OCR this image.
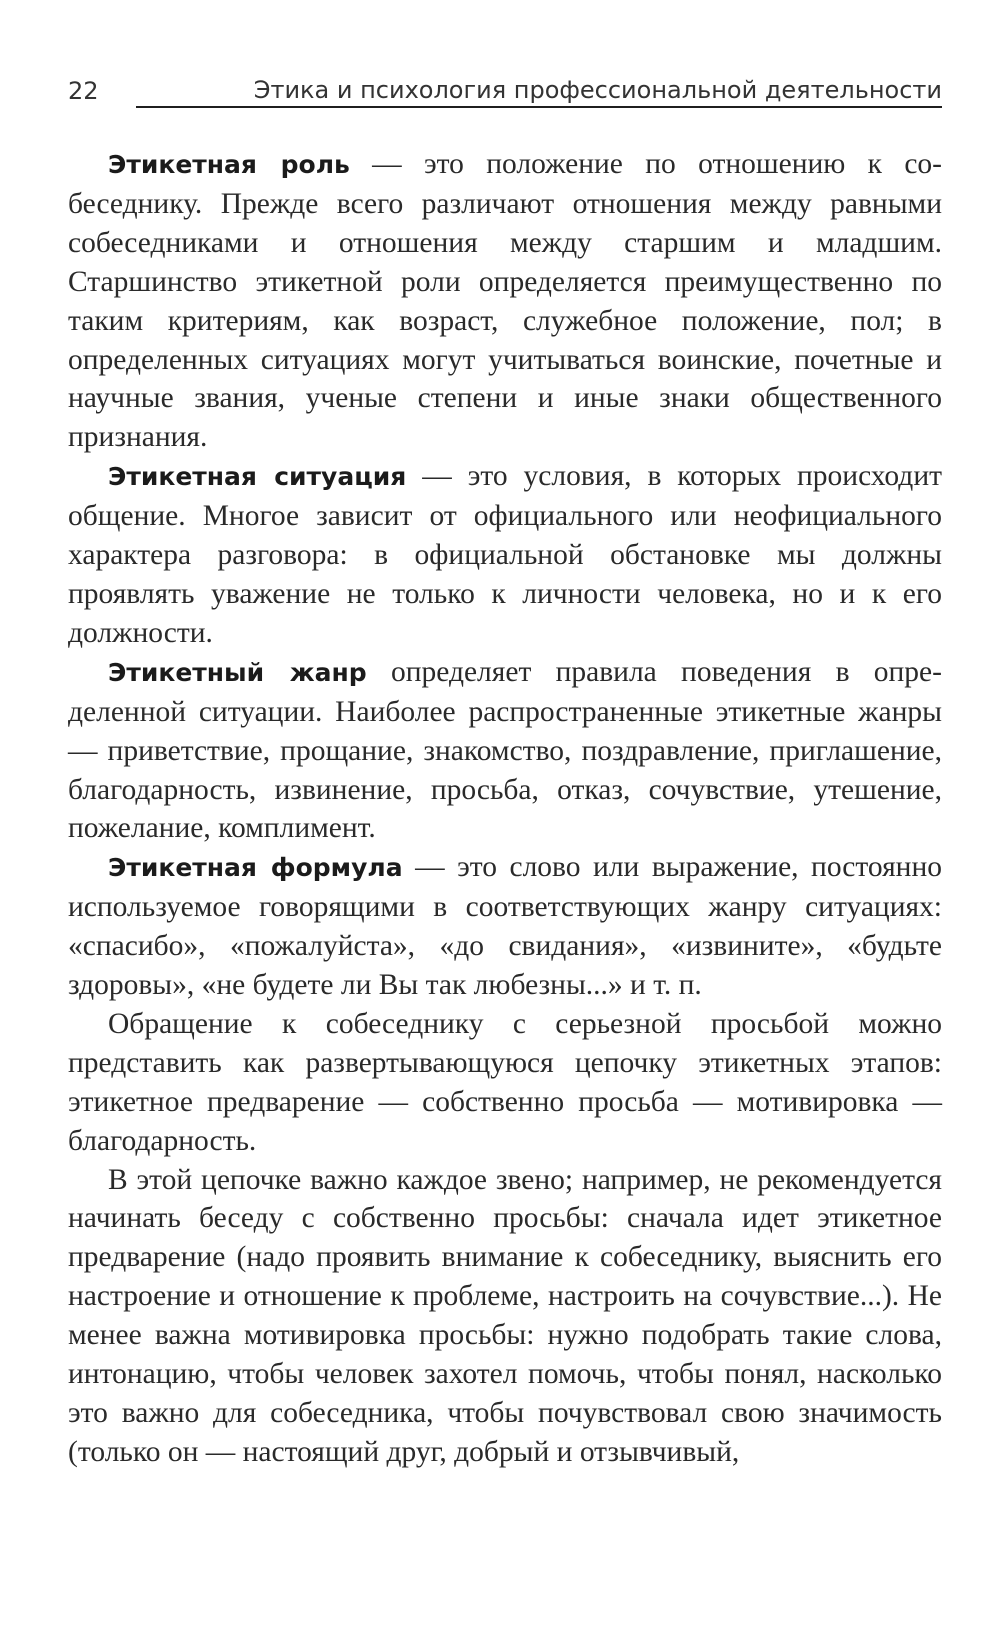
22	Этика и психология профессиональной деятельности

Этикетная роль — это положение по отношению к собеседнику. Прежде всего различают отношения между равными собеседниками и отношения между старшим и младшим. Старшинство этикетной роли определяется преимущественно по таким критериям, как возраст, служебное положение, пол; в определенных ситуациях могут учитываться воинские, почетные и научные звания, ученые степени и иные знаки общественного признания.

Этикетная ситуация — это условия, в которых происходит общение. Многое зависит от официального или неофициального характера разговора: в официальной обстановке мы должны проявлять уважение не только к личности человека, но и к его должности.

Этикетный жанр определяет правила поведения в определенной ситуации. Наиболее распространенные этикетные жанры — приветствие, прощание, знакомство, поздравление, приглашение, благодарность, извинение, просьба, отказ, сочувствие, утешение, пожелание, комплимент.

Этикетная формула — это слово или выражение, постоянно используемое говорящими в соответствующих жанру ситуациях: «спасибо», «пожалуйста», «до свидания», «извините», «будьте здоровы», «не будете ли Вы так любезны...» и т. п.

Обращение к собеседнику с серьезной просьбой можно представить как развертывающуюся цепочку этикетных этапов: этикетное предварение — собственно просьба — мотивировка — благодарность.

В этой цепочке важно каждое звено; например, не рекомендуется начинать беседу с собственно просьбы: сначала идет этикетное предварение (надо проявить внимание к собеседнику, выяснить его настроение и отношение к проблеме, настроить на сочувствие...). Не менее важна мотивировка просьбы: нужно подобрать такие слова, интонацию, чтобы человек захотел помочь, чтобы понял, насколько это важно для собеседника, чтобы почувствовал свою значимость (только он — настоящий друг, добрый и отзывчивый,
